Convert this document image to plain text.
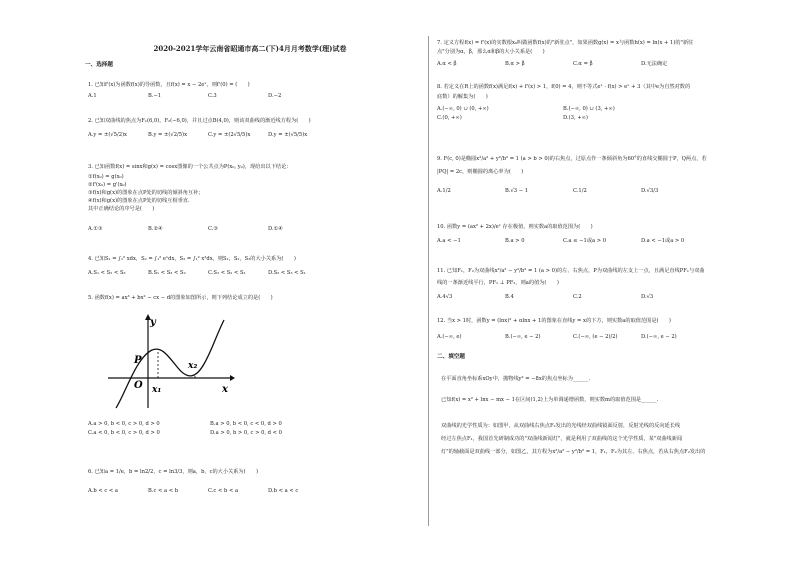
2020-2021学年云南省昭通市高二(下)4月月考数学(理)试卷
一、选择题
1. 已知f'(x)为函数f(x)的导函数，且f(x) = x − 2eˣ，则f'(0) = (　　)
A.1	B.−1	C.3	D.−2
2. 已知双曲线的焦点为F₁(6,0)，F₂(−6,0)，并且过点B(4,0)，则该双曲线的渐近线方程为(　　)
A.y = ±(√5/2)x	B.y = ±(√2/5)x	C.y = ±(2√5/5)x	D.y = ±(√5/5)x
3. 已知函数f(x) = sinx和g(x) = cosx图像的一个公共点为P(x₀, y₀)，现给出以下结论：
①f(x₀) = g(x₀)
②f'(x₀) = g'(x₀)
③f(x)和g(x)的图象在点P处的切线的倾斜角互补；
④f(x)和g(x)的图象在点P处的切线互相垂直.
其中正确结论的序号是(　　)
A.①③	B.②④	C.③	D.①④
4. 已知S₁ = ∫₁² xdx，S₂ = ∫₁² eˣdx，S₃ = ∫₁² x²dx，则S₁，S₂，S₃的大小关系为(　　)
A.S₁ < S₂ < S₃	B.S₁ < S₃ < S₂	C.S₃ < S₂ < S₁	D.S₂ < S₃ < S₁
5. 函数f(x) = ax³ + bx² − cx − d的图象如图所示，则下列结论成立的是(　　)
y
x
O
P
x₁
x₂
A.a > 0, b < 0, c > 0, d > 0	B.a > 0, b < 0, c < 0, d > 0
C.a < 0, b < 0, c > 0, d > 0	D.a > 0, b > 0, c > 0, d < 0
6. 已知a = 1/e，b = ln2/2，c = ln3/3，则a，b，c的大小关系为(　　)
A.b < c < a	B.c < a < b	C.c < b < a	D.b < a < c
7. 定义方程f(x) = f'(x)的实数根x₀叫做函数f(x)的"新驻点"，如果函数g(x) = x与函数h(x) = ln(x + 1)的"新驻
点"分别为α，β，那么α和β的大小关系是(　　)
A.α < β	B.α > β	C.α = β	D.无法确定
8. 若定义在R上的函数f(x)满足f(x) + f'(x) > 1，f(0) = 4，则不等式eˣ · f(x) > eˣ + 3（其中e为自然对数的
底数）的解集为(　　)
A.(−∞, 0) ∪ (0, +∞)	B.(−∞, 0) ∪ (3, +∞)
C.(0, +∞)	D.(3, +∞)
9. F(c, 0)是椭圆x²/a² + y²/b² = 1 (a > b > 0)的右焦点，过原点作一条倾斜角为60°的直线交椭圆于P，Q两点，若
|PQ| = 2c，则椭圆的离心率为(　　)
A.1/2	B.√3 − 1	C.1/2	D.√3/3
10. 函数y = (ax² + 2x)/eˣ 存在极值，则实数a的取值范围为(　　)
A.a < −1	B.a > 0	C.a ≤ −1或a > 0	D.a < −1或a > 0
11. 已知F₁，F₂为双曲线x²/a² − y²/b² = 1 (a > 0)的左、右焦点，P为双曲线的左支上一点，且满足直线PF₁与双曲
线的一条渐近线平行，PF₁ ⊥ PF₂，则a的值为(　　)
A.4√3	B.4	C.2	D.√3
12. 当x > 1时，函数y = (lnx)² + αlnx + 1的图象在直线y = x的下方，则实数a的取值范围是(　　)
A.(−∞, e)	B.(−∞, e − 2)	C.(−∞, (e − 2)/2)	D.(−∞, e − 2)
二、填空题
在平面直角坐标系xOy中，抛物线y² = −8x的焦点坐标为______.
已知f(x) = x² + lnx − mx − 1在区间(1,2)上为单调递增函数，则实数m的取值范围是______.
双曲线的光学性质为：如图甲，从双曲线右焦点F₂发出的光线经双曲线镜面反射，反射光线的反向延长线
经过左焦点F₁，我国首先研制成功的"双曲线新闻灯"，就是利用了双曲线的这个光学性质，某"双曲线新闻
灯"的轴截面是双曲线一部分，如图乙，其方程为x²/a² − y²/b² = 1，F₁，F₂为其左、右焦点，若从右焦点F₂发出的
